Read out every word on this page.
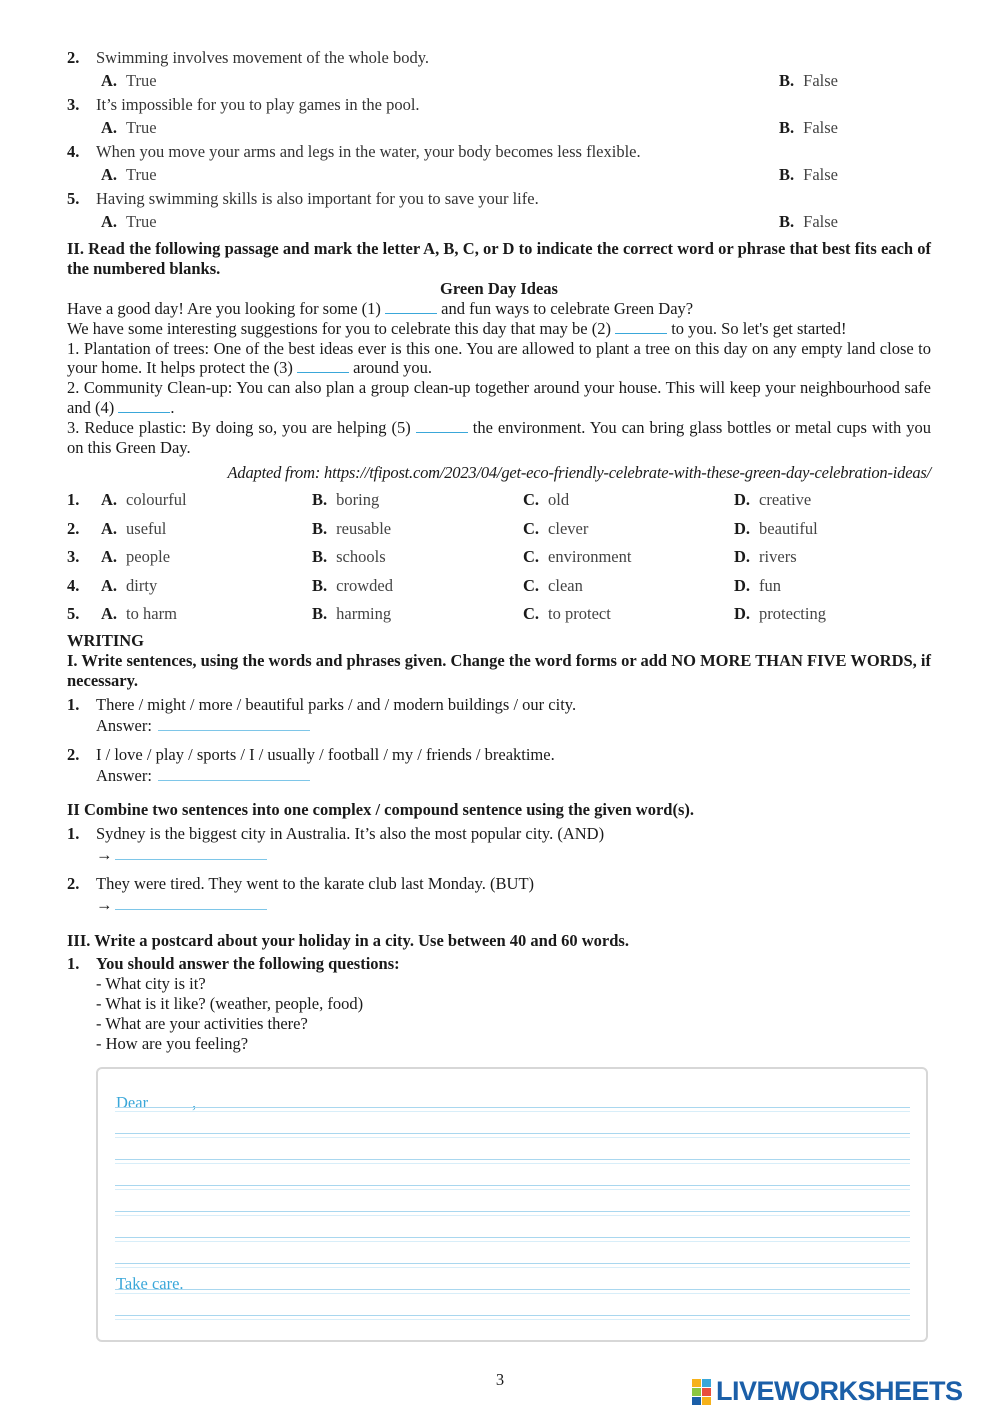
2.	Swimming involves movement of the whole body.
A. True	B. False
3.	It’s impossible for you to play games in the pool.
A. True	B. False
4.	When you move your arms and legs in the water, your body becomes less flexible.
A. True	B. False
5.	Having swimming skills is also important for you to save your life.
A. True	B. False
II. Read the following passage and mark the letter A, B, C, or D to indicate the correct word or phrase that best fits each of the numbered blanks.
Green Day Ideas
Have a good day! Are you looking for some (1)	and fun ways to celebrate Green Day?
We have some interesting suggestions for you to celebrate this day that may be (2)	to you. So let's get started!
1. Plantation of trees: One of the best ideas ever is this one. You are allowed to plant a tree on this day on any empty land close to your home. It helps protect the (3)	around you.
2. Community Clean-up: You can also plan a group clean-up together around your house. This will keep your neighbourhood safe and (4)	.
3. Reduce plastic: By doing so, you are helping (5)	the environment. You can bring glass bottles or metal cups with you on this Green Day.
Adapted from: https://tfipost.com/2023/04/get-eco-friendly-celebrate-with-these-green-day-celebration-ideas/
1.	A. colourful	B. boring	C. old	D. creative
2.	A. useful	B. reusable	C. clever	D. beautiful
3.	A. people	B. schools	C. environment	D. rivers
4.	A. dirty	B. crowded	C. clean	D. fun
5.	A. to harm	B. harming	C. to protect	D. protecting
WRITING
I. Write sentences, using the words and phrases given. Change the word forms or add NO MORE THAN FIVE WORDS, if necessary.
1.	There / might / more / beautiful parks / and / modern buildings / our city.
Answer:
2.	I / love / play / sports / I / usually / football / my / friends / breaktime.
Answer:
II Combine two sentences into one complex / compound sentence using the given word(s).
1.	Sydney is the biggest city in Australia. It’s also the most popular city. (AND)
→
2.	They were tired. They went to the karate club last Monday. (BUT)
→
III. Write a postcard about your holiday in a city. Use between 40 and 60 words.
1.	You should answer the following questions:
- What city is it?
- What is it like? (weather, people, food)
- What are your activities there?
- How are you feeling?
Dear	,
Take care.
3	LIVEWORKSHEETS
